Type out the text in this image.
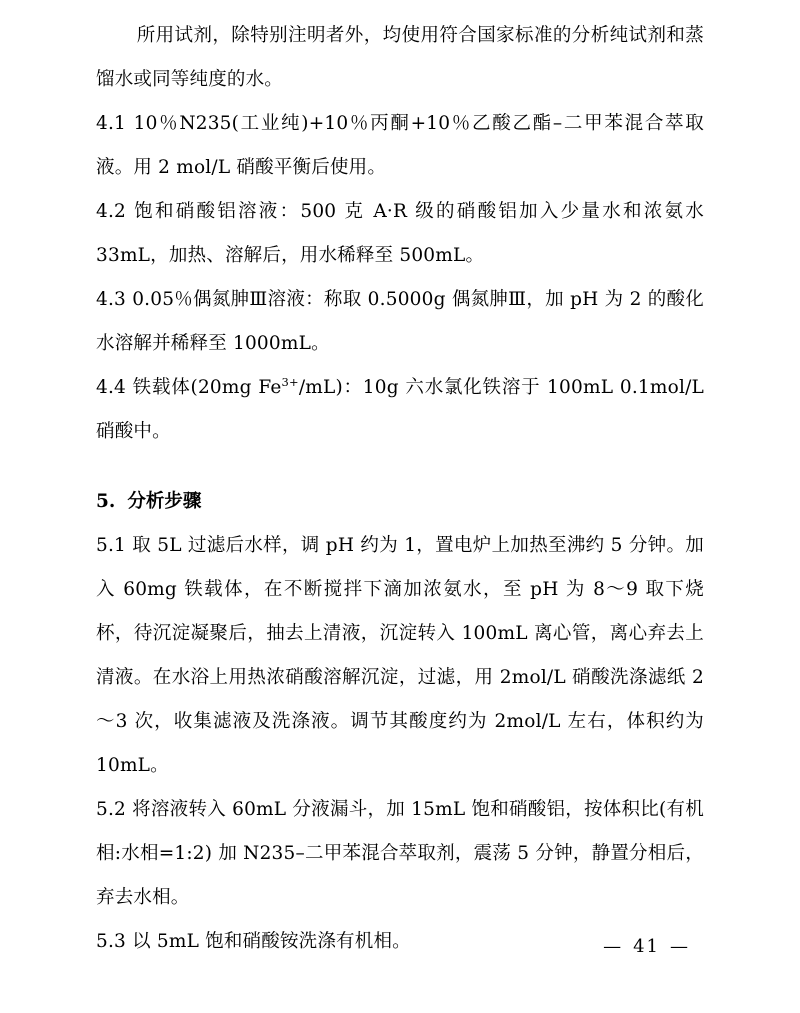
所用试剂，除特别注明者外，均使用符合国家标准的分析纯试剂和蒸馏水或同等纯度的水。

4.1 10％N235(工业纯)+10％丙酮+10％乙酸乙酯–二甲苯混合萃取液。用 2 mol/L 硝酸平衡后使用。

4.2 饱和硝酸铝溶液：500 克 A·R 级的硝酸铝加入少量水和浓氨水 33mL，加热、溶解后，用水稀释至 500mL。

4.3 0.05％偶氮胂Ⅲ溶液：称取 0.5000g 偶氮胂Ⅲ，加 pH 为 2 的酸化水溶解并稀释至 1000mL。

4.4 铁载体(20mg $Fe^{3+}/mL$)：10g 六水氯化铁溶于 100mL 0.1mol/L 硝酸中。

5. 分析步骤

5.1 取 5L 过滤后水样，调 pH 约为 1，置电炉上加热至沸约 5 分钟。加入 60mg 铁载体，在不断搅拌下滴加浓氨水，至 pH 为 8～9 取下烧杯，待沉淀凝聚后，抽去上清液，沉淀转入 100mL 离心管，离心弃去上清液。在水浴上用热浓硝酸溶解沉淀，过滤，用 2mol/L 硝酸洗涤滤纸 2～3 次，收集滤液及洗涤液。调节其酸度约为 2mol/L 左右，体积约为 10mL。

5.2 将溶液转入 60mL 分液漏斗，加 15mL 饱和硝酸铝，按体积比(有机相:水相=1:2) 加 N235–二甲苯混合萃取剂，震荡 5 分钟，静置分相后，弃去水相。

5.3 以 5mL 饱和硝酸铵洗涤有机相。	— 41 —
